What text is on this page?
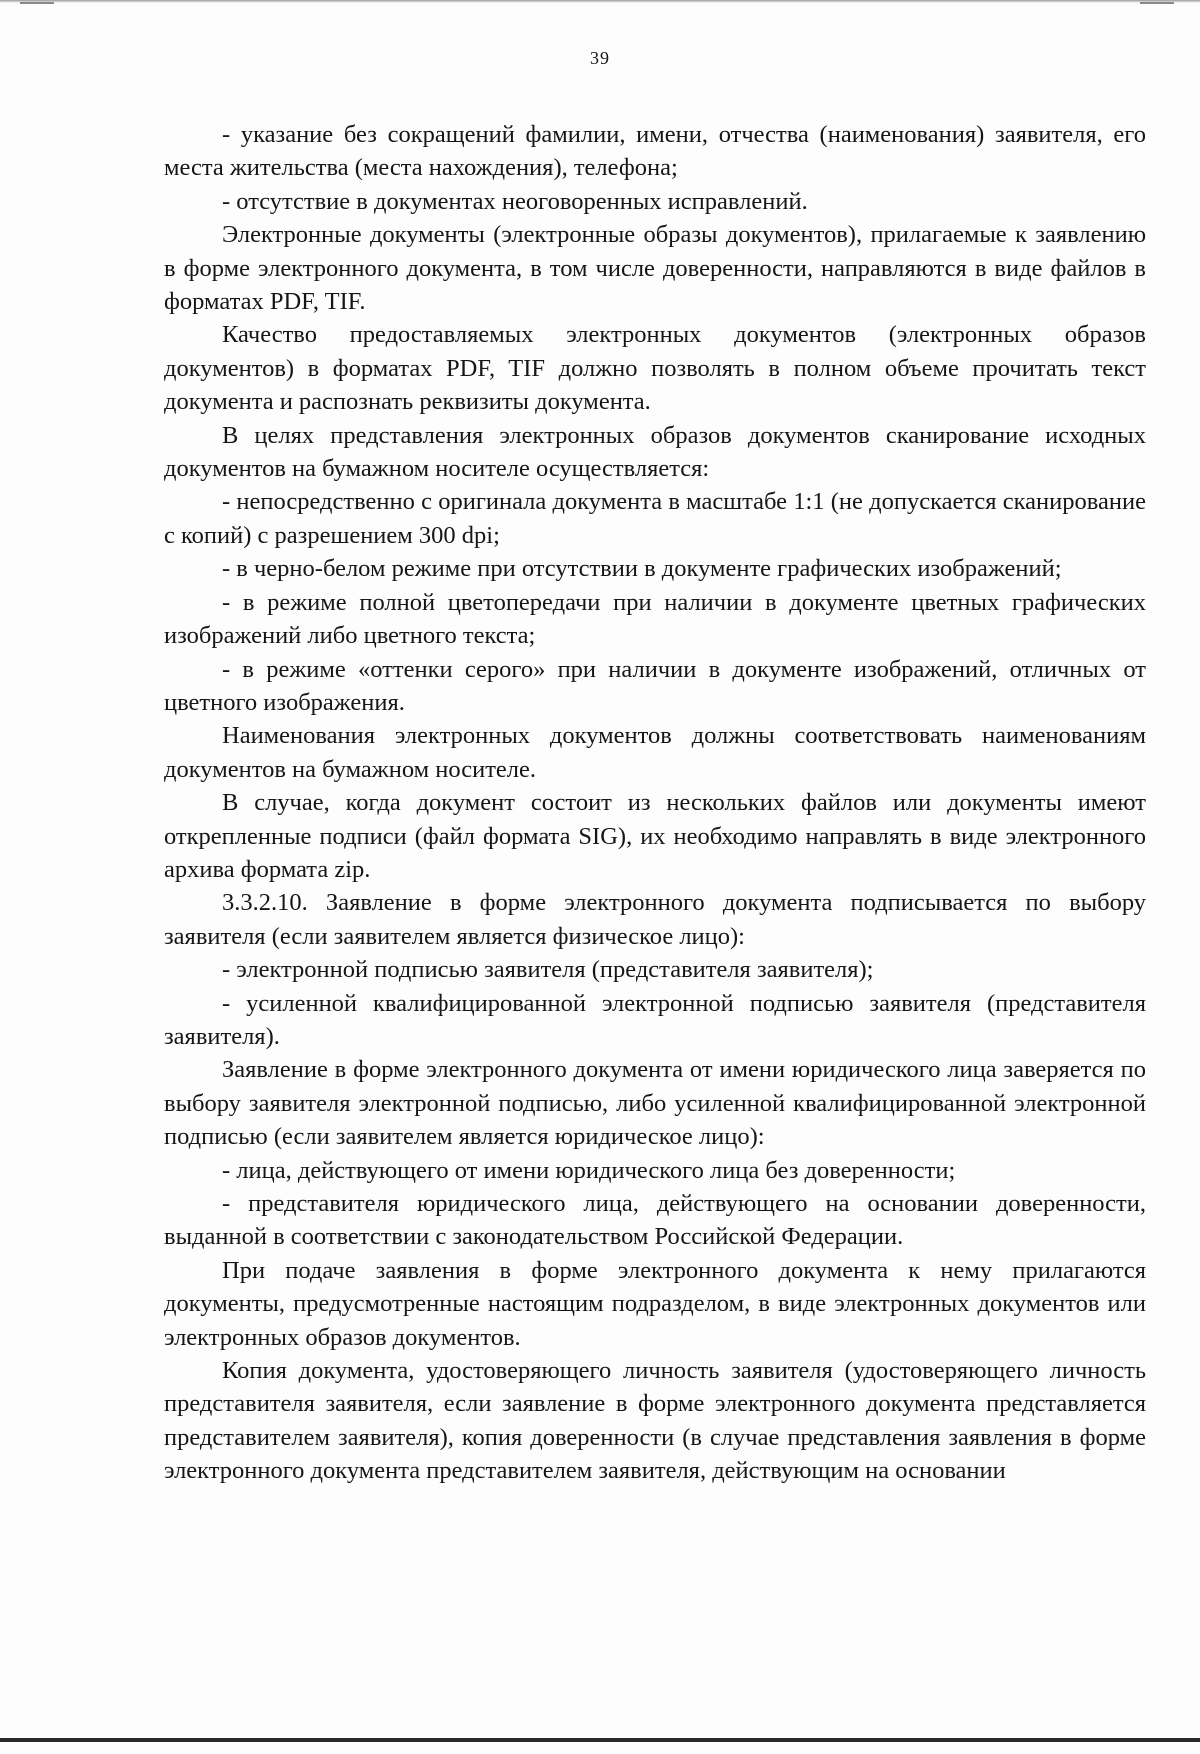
39

- указание без сокращений фамилии, имени, отчества (наименования) заявителя, его места жительства (места нахождения), телефона;

- отсутствие в документах неоговоренных исправлений.

Электронные документы (электронные образы документов), прилагаемые к заявлению в форме электронного документа, в том числе доверенности, направляются в виде файлов в форматах PDF, TIF.

Качество предоставляемых электронных документов (электронных образов документов) в форматах PDF, TIF должно позволять в полном объеме прочитать текст документа и распознать реквизиты документа.

В целях представления электронных образов документов сканирование исходных документов на бумажном носителе осуществляется:

- непосредственно с оригинала документа в масштабе 1:1 (не допускается сканирование с копий) с разрешением 300 dpi;

- в черно-белом режиме при отсутствии в документе графических изображений;

- в режиме полной цветопередачи при наличии в документе цветных графических изображений либо цветного текста;

- в режиме «оттенки серого» при наличии в документе изображений, отличных от цветного изображения.

Наименования электронных документов должны соответствовать наименованиям документов на бумажном носителе.

В случае, когда документ состоит из нескольких файлов или документы имеют открепленные подписи (файл формата SIG), их необходимо направлять в виде электронного архива формата zip.

3.3.2.10. Заявление в форме электронного документа подписывается по выбору заявителя (если заявителем является физическое лицо):

- электронной подписью заявителя (представителя заявителя);

- усиленной квалифицированной электронной подписью заявителя (представителя заявителя).

Заявление в форме электронного документа от имени юридического лица заверяется по выбору заявителя электронной подписью, либо усиленной квалифицированной электронной подписью (если заявителем является юридическое лицо):

- лица, действующего от имени юридического лица без доверенности;

- представителя юридического лица, действующего на основании доверенности, выданной в соответствии с законодательством Российской Федерации.

При подаче заявления в форме электронного документа к нему прилагаются документы, предусмотренные настоящим подразделом, в виде электронных документов или электронных образов документов.

Копия документа, удостоверяющего личность заявителя (удостоверяющего личность представителя заявителя, если заявление в форме электронного документа представляется представителем заявителя), копия доверенности (в случае представления заявления в форме электронного документа представителем заявителя, действующим на основании
